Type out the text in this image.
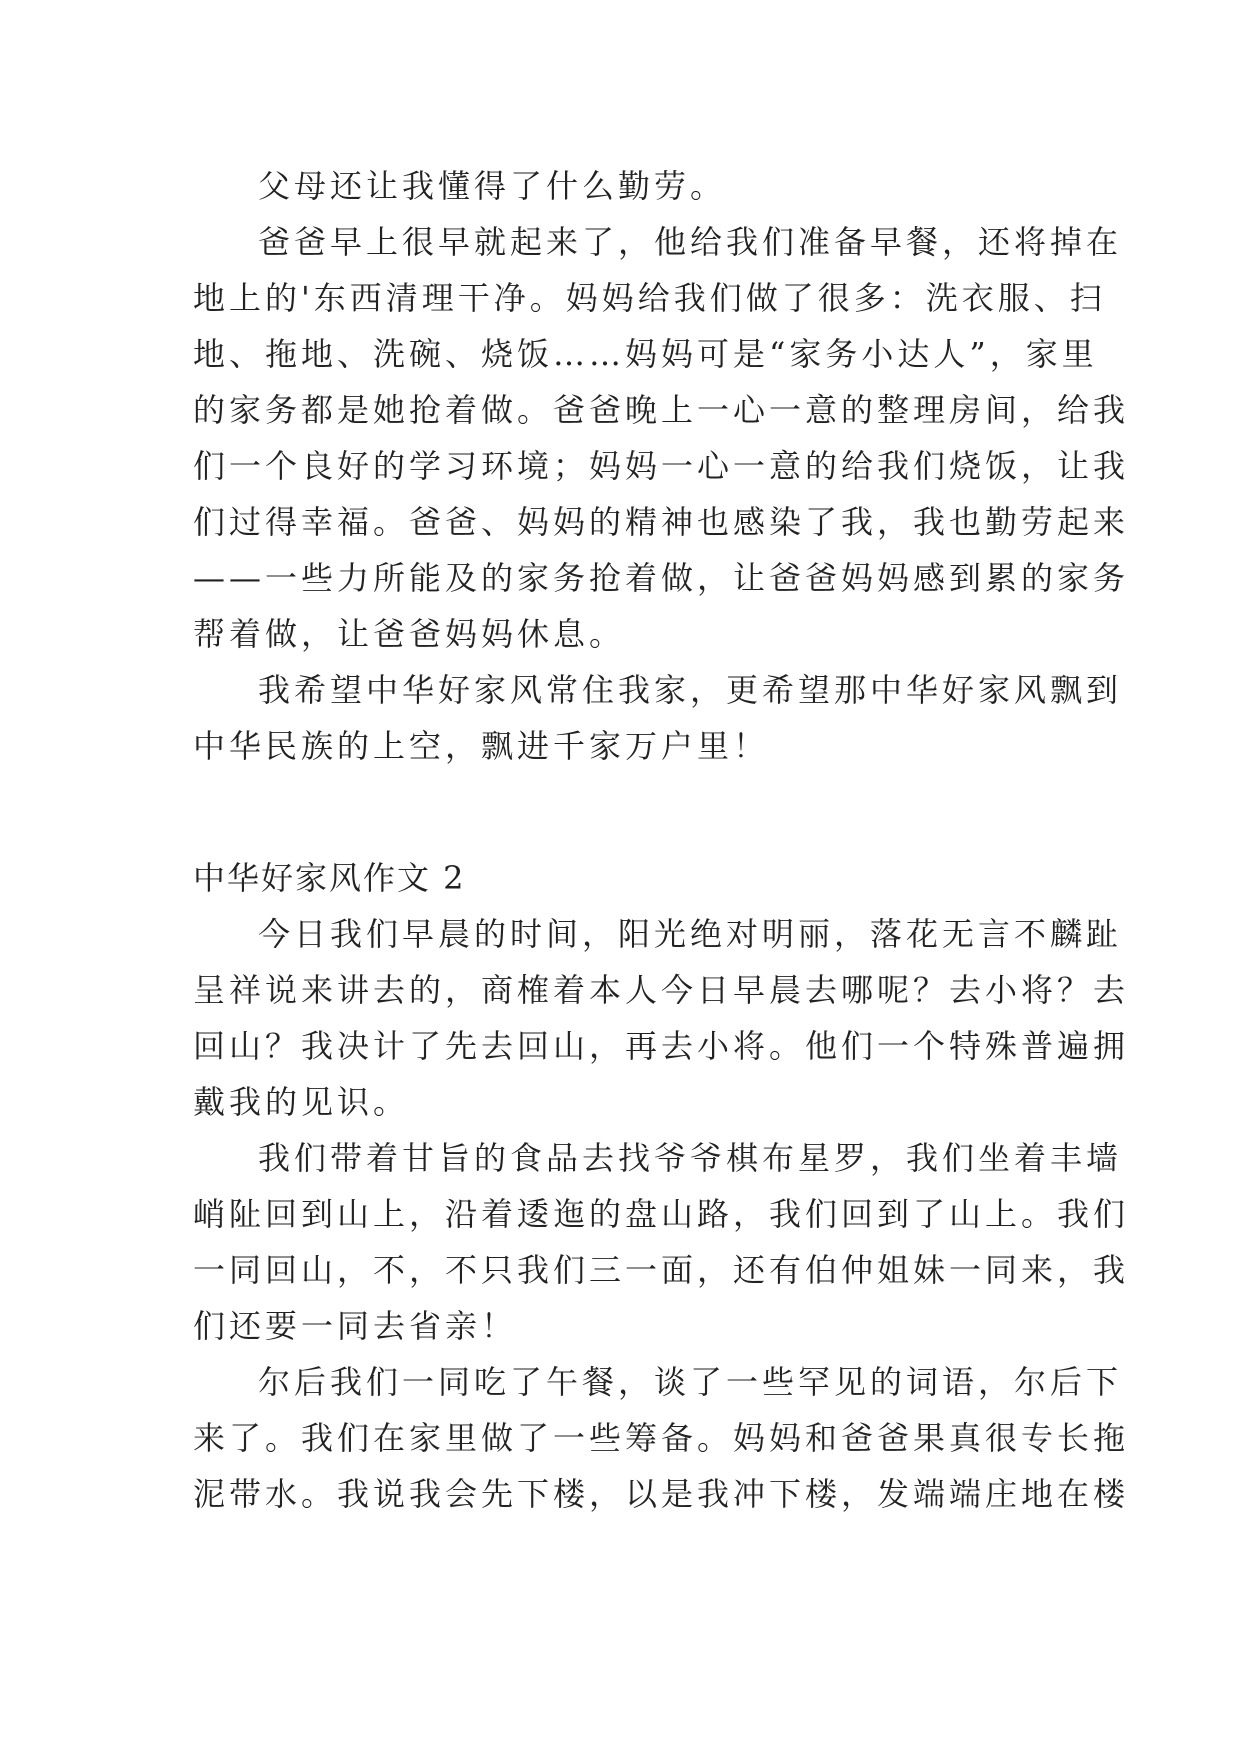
父母还让我懂得了什么勤劳。
爸爸早上很早就起来了，他给我们准备早餐，还将掉在
地上的'东西清理干净。妈妈给我们做了很多：洗衣服、扫
地、拖地、洗碗、烧饭……妈妈可是“家务小达人”，家里
的家务都是她抢着做。爸爸晚上一心一意的整理房间，给我
们一个良好的学习环境；妈妈一心一意的给我们烧饭，让我
们过得幸福。爸爸、妈妈的精神也感染了我，我也勤劳起来
——一些力所能及的家务抢着做，让爸爸妈妈感到累的家务
帮着做，让爸爸妈妈休息。
我希望中华好家风常住我家，更希望那中华好家风飘到
中华民族的上空，飘进千家万户里！
中华好家风作文 2
今日我们早晨的时间，阳光绝对明丽，落花无言不麟趾
呈祥说来讲去的，商榷着本人今日早晨去哪呢？去小将？去
回山？我决计了先去回山，再去小将。他们一个特殊普遍拥
戴我的见识。
我们带着甘旨的食品去找爷爷棋布星罗，我们坐着丰墙
峭阯回到山上，沿着逶迤的盘山路，我们回到了山上。我们
一同回山，不，不只我们三一面，还有伯仲姐妹一同来，我
们还要一同去省亲！
尔后我们一同吃了午餐，谈了一些罕见的词语，尔后下
来了。我们在家里做了一些筹备。妈妈和爸爸果真很专长拖
泥带水。我说我会先下楼，以是我冲下楼，发端端庄地在楼
